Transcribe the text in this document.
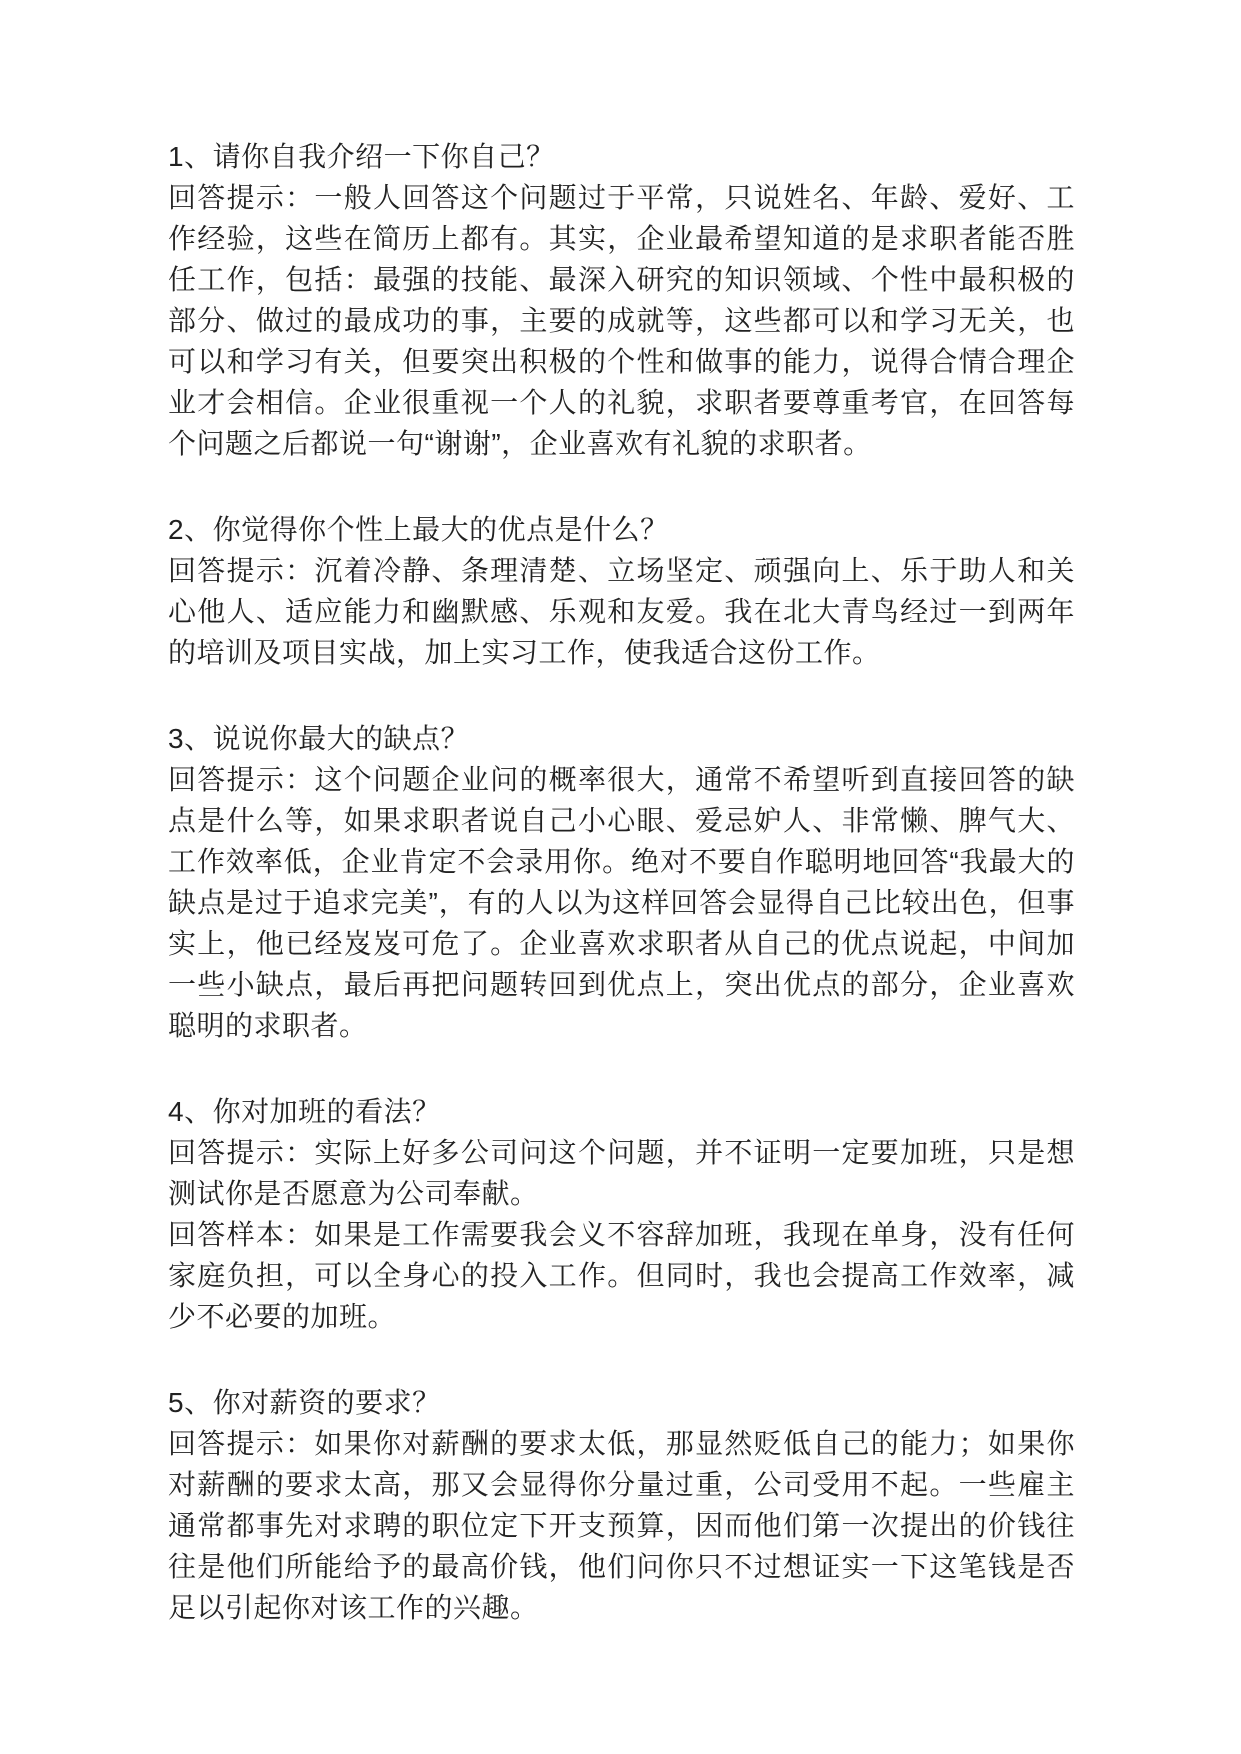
1、请你自我介绍一下你自己？

回答提示：一般人回答这个问题过于平常，只说姓名、年龄、爱好、工作经验，这些在简历上都有。其实，企业最希望知道的是求职者能否胜任工作，包括：最强的技能、最深入研究的知识领域、个性中最积极的部分、做过的最成功的事，主要的成就等，这些都可以和学习无关，也可以和学习有关，但要突出积极的个性和做事的能力，说得合情合理企业才会相信。企业很重视一个人的礼貌，求职者要尊重考官，在回答每个问题之后都说一句“谢谢”，企业喜欢有礼貌的求职者。

2、你觉得你个性上最大的优点是什么？

回答提示：沉着冷静、条理清楚、立场坚定、顽强向上、乐于助人和关心他人、适应能力和幽默感、乐观和友爱。我在北大青鸟经过一到两年的培训及项目实战，加上实习工作，使我适合这份工作。

3、说说你最大的缺点？

回答提示：这个问题企业问的概率很大，通常不希望听到直接回答的缺点是什么等，如果求职者说自己小心眼、爱忌妒人、非常懒、脾气大、工作效率低，企业肯定不会录用你。绝对不要自作聪明地回答“我最大的缺点是过于追求完美”，有的人以为这样回答会显得自己比较出色，但事实上，他已经岌岌可危了。企业喜欢求职者从自己的优点说起，中间加一些小缺点，最后再把问题转回到优点上，突出优点的部分，企业喜欢聪明的求职者。

4、你对加班的看法？

回答提示：实际上好多公司问这个问题，并不证明一定要加班，只是想测试你是否愿意为公司奉献。

回答样本：如果是工作需要我会义不容辞加班，我现在单身，没有任何家庭负担，可以全身心的投入工作。但同时，我也会提高工作效率，减少不必要的加班。

5、你对薪资的要求？

回答提示：如果你对薪酬的要求太低，那显然贬低自己的能力；如果你对薪酬的要求太高，那又会显得你分量过重，公司受用不起。一些雇主通常都事先对求聘的职位定下开支预算，因而他们第一次提出的价钱往往是他们所能给予的最高价钱，他们问你只不过想证实一下这笔钱是否足以引起你对该工作的兴趣。
